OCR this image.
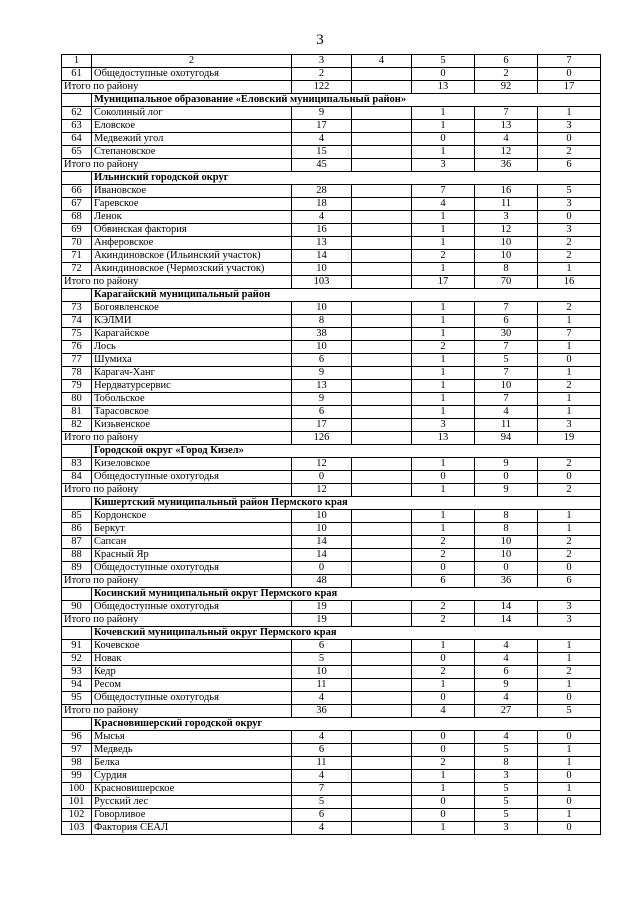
3
1	2	3	4	5	6	7
61	Общедоступные охотугодья	2		0	2	0
Итого по району		122		13	92	17
	Муниципальное образование «Еловский муниципальный район»					
62	Соколиный лог	9		1	7	1
63	Еловское	17		1	13	3
64	Медвежий угол	4		0	4	0
65	Степановское	15		1	12	2
Итого по району		45		3	36	6
	Ильинский городской округ					
66	Ивановское	28		7	16	5
67	Гаревское	18		4	11	3
68	Ленок	4		1	3	0
69	Обвинская фактория	16		1	12	3
70	Анферовское	13		1	10	2
71	Акиндиновское (Ильинский участок)	14		2	10	2
72	Акиндиновское (Чермозский участок)	10		1	8	1
Итого по району		103		17	70	16
	Карагайский муниципальный район					
73	Богоявленское	10		1	7	2
74	КЭЛМИ	8		1	6	1
75	Карагайское	38		1	30	7
76	Лось	10		2	7	1
77	Шумиха	6		1	5	0
78	Карагач-Ханг	9		1	7	1
79	Нердватурсервис	13		1	10	2
80	Тобольское	9		1	7	1
81	Тарасовское	6		1	4	1
82	Кизьвенское	17		3	11	3
Итого по району		126		13	94	19
	Городской округ «Город Кизел»					
83	Кизеловское	12		1	9	2
84	Общедоступные охотугодья	0		0	0	0
Итого по району		12		1	9	2
	Кишертский муниципальный район Пермского края					
85	Кордонское	10		1	8	1
86	Беркут	10		1	8	1
87	Сапсан	14		2	10	2
88	Красный Яр	14		2	10	2
89	Общедоступные охотугодья	0		0	0	0
Итого по району		48		6	36	6
	Косинский муниципальный округ Пермского края					
90	Общедоступные охотугодья	19		2	14	3
Итого по району		19		2	14	3
	Кочевский муниципальный округ Пермского края					
91	Кочевское	6		1	4	1
92	Новак	5		0	4	1
93	Кедр	10		2	6	2
94	Ресом	11		1	9	1
95	Общедоступные охотугодья	4		0	4	0
Итого по району		36		4	27	5
	Красновишерский городской округ					
96	Мысья	4		0	4	0
97	Медведь	6		0	5	1
98	Белка	11		2	8	1
99	Сурдия	4		1	3	0
100	Красновишерское	7		1	5	1
101	Русский лес	5		0	5	0
102	Говорливое	6		0	5	1
103	Фактория СЕАЛ	4		1	3	0
